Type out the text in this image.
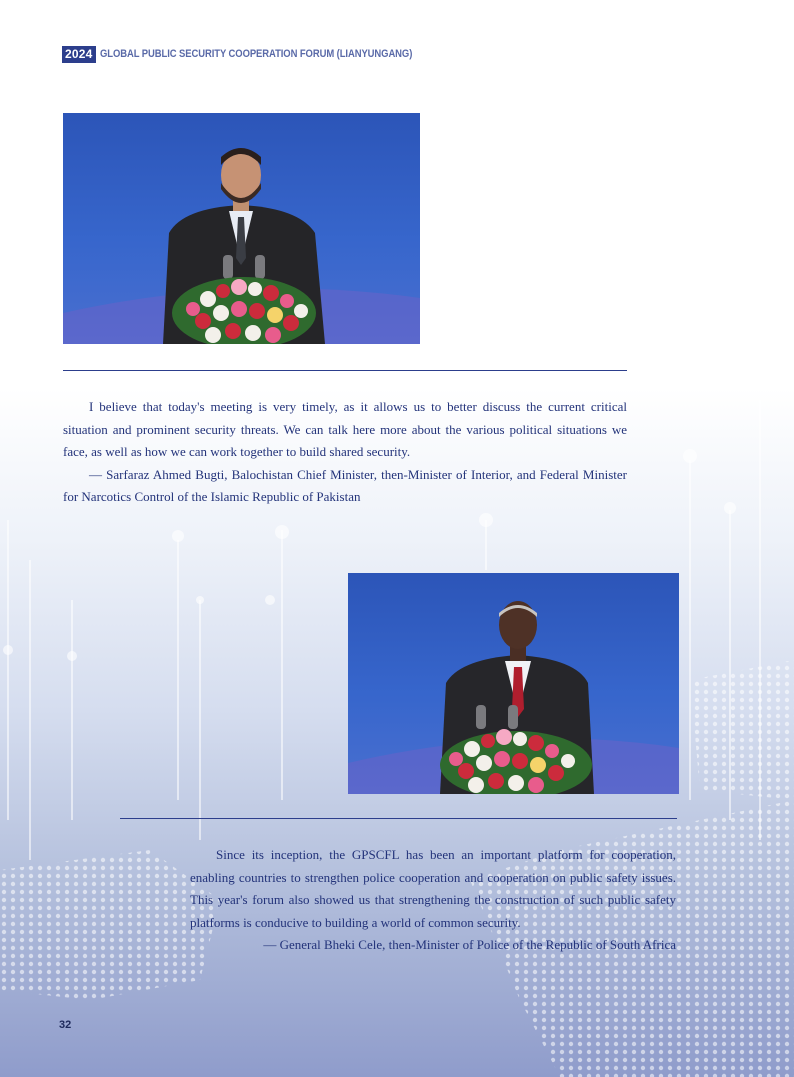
2024 GLOBAL PUBLIC SECURITY COOPERATION FORUM (LIANYUNGANG)

I believe that today's meeting is very timely, as it allows us to better discuss the current critical situation and prominent security threats. We can talk here more about the various political situations we face, as well as how we can work together to build shared security.

— Sarfaraz Ahmed Bugti, Balochistan Chief Minister, then-Minister of Interior, and Federal Minister for Narcotics Control of the Islamic Republic of Pakistan

Since its inception, the GPSCFL has been an important platform for cooperation, enabling countries to strengthen police cooperation and cooperation on public safety issues. This year's forum also showed us that strengthening the construction of such public safety platforms is conducive to building a world of common security.

— General Bheki Cele, then-Minister of Police of the Republic of South Africa

32
